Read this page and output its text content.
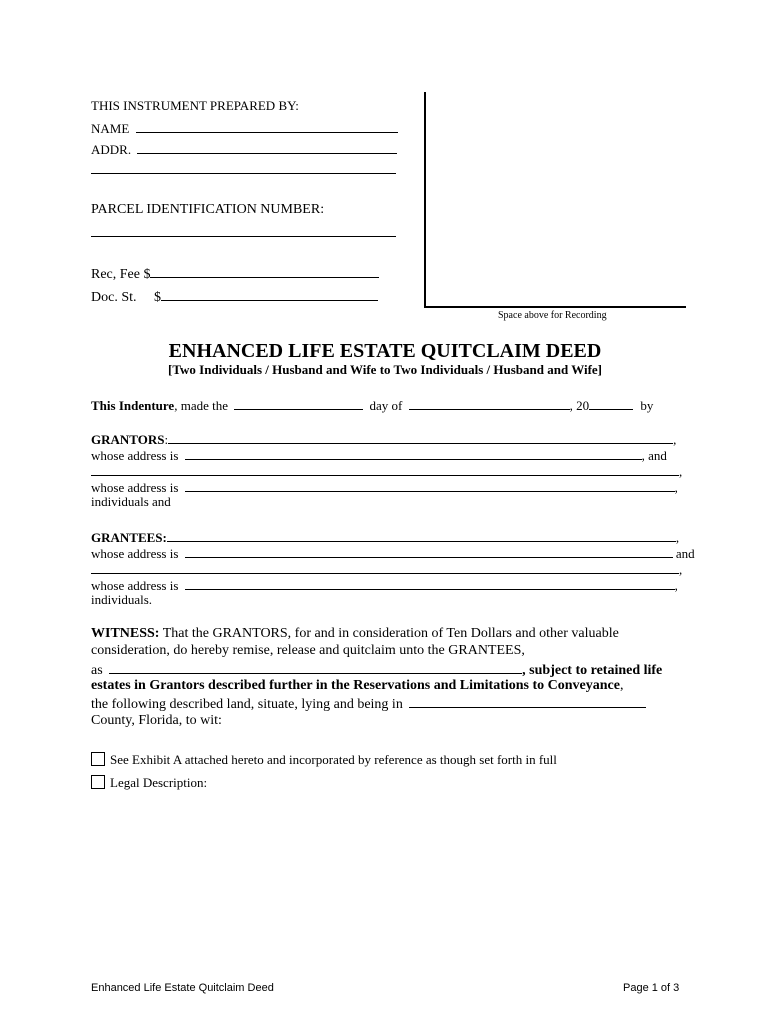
THIS INSTRUMENT PREPARED BY:
NAME
ADDR.
PARCEL IDENTIFICATION NUMBER:
Rec, Fee $
Doc. St. $
Space above for Recording
ENHANCED LIFE ESTATE QUITCLAIM DEED
[Two Individuals / Husband and Wife to Two Individuals / Husband and Wife]
This Indenture, made the	day of	, 20	by
GRANTORS:	,
whose address is	, and
,
whose address is	,
individuals and
GRANTEES:	,
whose address is	and
,
whose address is	,
individuals.
WITNESS: That the GRANTORS, for and in consideration of Ten Dollars and other valuable
consideration, do hereby remise, release and quitclaim unto the GRANTEES,
as	, subject to retained life
estates in Grantors described further in the Reservations and Limitations to Conveyance,
the following described land, situate, lying and being in
County, Florida, to wit:
See Exhibit A attached hereto and incorporated by reference as though set forth in full
Legal Description:
Enhanced Life Estate Quitclaim Deed	Page 1 of 3
